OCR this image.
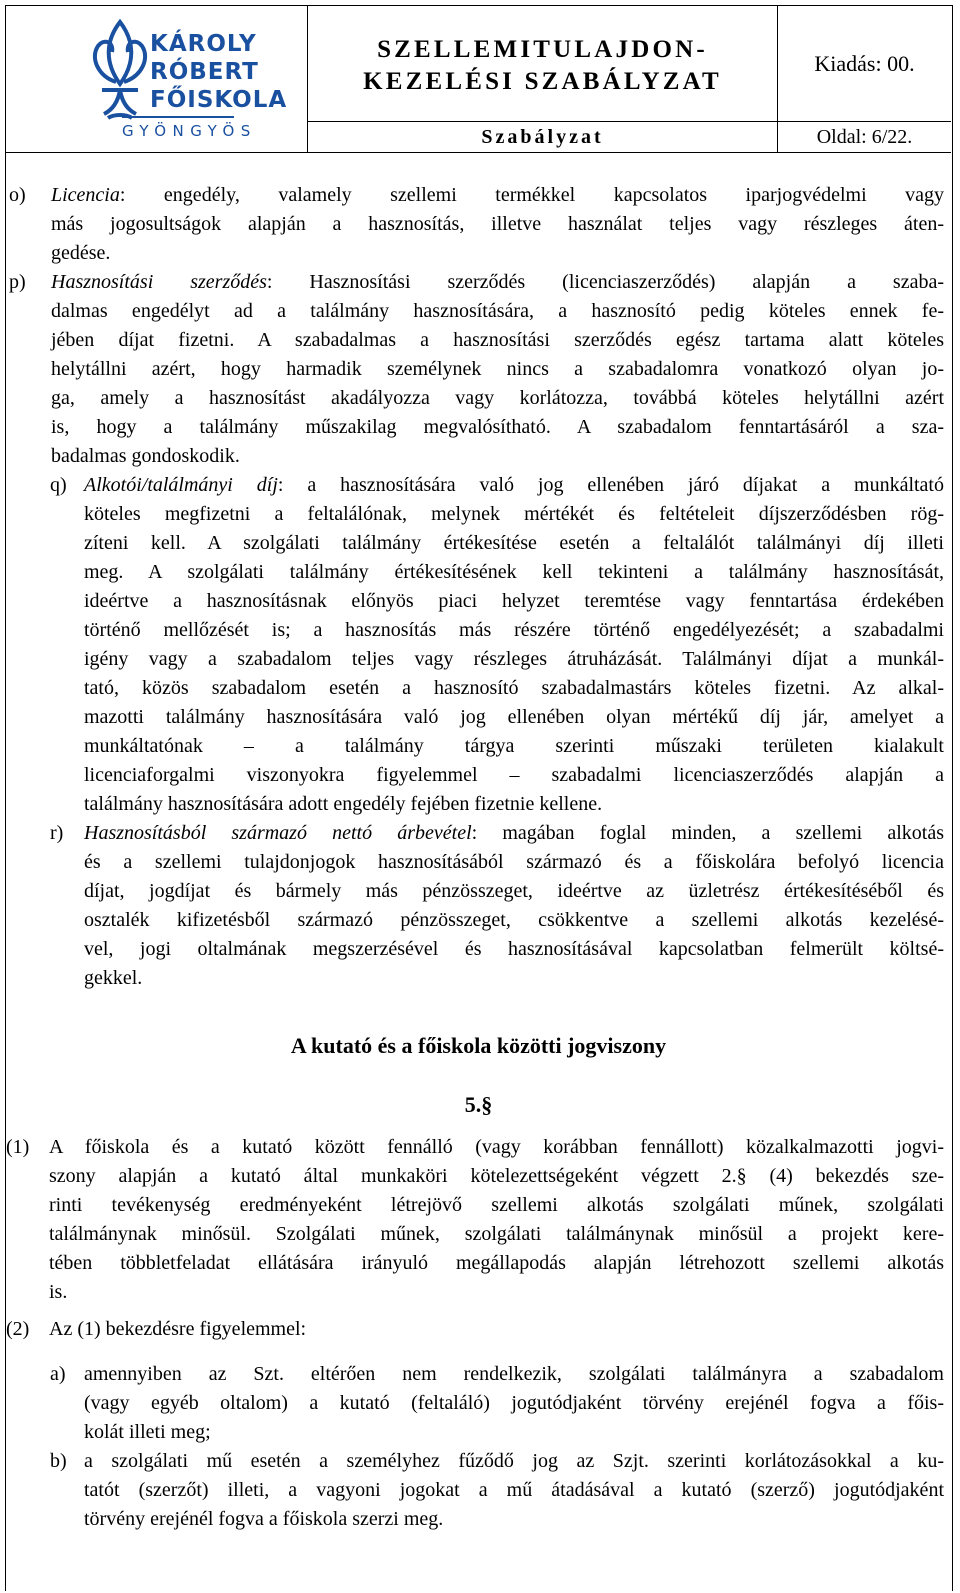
KÁROLY
RÓBERT
FŐISKOLA
GYÖNGYÖS
SZELLEMITULAJDON-
KEZELÉSI SZABÁLYZAT
Kiadás: 00.
Szabályzat	Oldal: 6/22.
o) Licencia: engedély, valamely szellemi termékkel kapcsolatos iparjogvédelmi vagy
más jogosultságok alapján a hasznosítás, illetve használat teljes vagy részleges áten-
gedése.
p) Hasznosítási szerződés: Hasznosítási szerződés (licenciaszerződés) alapján a szaba-
dalmas engedélyt ad a találmány hasznosítására, a hasznosító pedig köteles ennek fe-
jében díjat fizetni. A szabadalmas a hasznosítási szerződés egész tartama alatt köteles
helytállni azért, hogy harmadik személynek nincs a szabadalomra vonatkozó olyan jo-
ga, amely a hasznosítást akadályozza vagy korlátozza, továbbá köteles helytállni azért
is, hogy a találmány műszakilag megvalósítható. A szabadalom fenntartásáról a sza-
badalmas gondoskodik.
q) Alkotói/találmányi díj: a hasznosítására való jog ellenében járó díjakat a munkáltató
köteles megfizetni a feltalálónak, melynek mértékét és feltételeit díjszerződésben rög-
zíteni kell. A szolgálati találmány értékesítése esetén a feltalálót találmányi díj illeti
meg. A szolgálati találmány értékesítésének kell tekinteni a találmány hasznosítását,
ideértve a hasznosításnak előnyös piaci helyzet teremtése vagy fenntartása érdekében
történő mellőzését is; a hasznosítás más részére történő engedélyezését; a szabadalmi
igény vagy a szabadalom teljes vagy részleges átruházását. Találmányi díjat a munkál-
tató, közös szabadalom esetén a hasznosító szabadalmastárs köteles fizetni. Az alkal-
mazotti találmány hasznosítására való jog ellenében olyan mértékű díj jár, amelyet a
munkáltatónak – a találmány tárgya szerinti műszaki területen kialakult
licenciaforgalmi viszonyokra figyelemmel – szabadalmi licenciaszerződés alapján a
találmány hasznosítására adott engedély fejében fizetnie kellene.
r) Hasznosításból származó nettó árbevétel: magában foglal minden, a szellemi alkotás
és a szellemi tulajdonjogok hasznosításából származó és a főiskolára befolyó licencia
díjat, jogdíjat és bármely más pénzösszeget, ideértve az üzletrész értékesítéséből és
osztalék kifizetésből származó pénzösszeget, csökkentve a szellemi alkotás kezelésé-
vel, jogi oltalmának megszerzésével és hasznosításával kapcsolatban felmerült költsé-
gekkel.
A kutató és a főiskola közötti jogviszony
5.§
(1) A főiskola és a kutató között fennálló (vagy korábban fennállott) közalkalmazotti jogvi-
szony alapján a kutató által munkaköri kötelezettségeként végzett 2.§ (4) bekezdés sze-
rinti tevékenység eredményeként létrejövő szellemi alkotás szolgálati műnek, szolgálati
találmánynak minősül. Szolgálati műnek, szolgálati találmánynak minősül a projekt kere-
tében többletfeladat ellátására irányuló megállapodás alapján létrehozott szellemi alkotás
is.
(2) Az (1) bekezdésre figyelemmel:
a) amennyiben az Szt. eltérően nem rendelkezik, szolgálati találmányra a szabadalom
(vagy egyéb oltalom) a kutató (feltaláló) jogutódjaként törvény erejénél fogva a főis-
kolát illeti meg;
b) a szolgálati mű esetén a személyhez fűződő jog az Szjt. szerinti korlátozásokkal a ku-
tatót (szerzőt) illeti, a vagyoni jogokat a mű átadásával a kutató (szerző) jogutódjaként
törvény erejénél fogva a főiskola szerzi meg.
